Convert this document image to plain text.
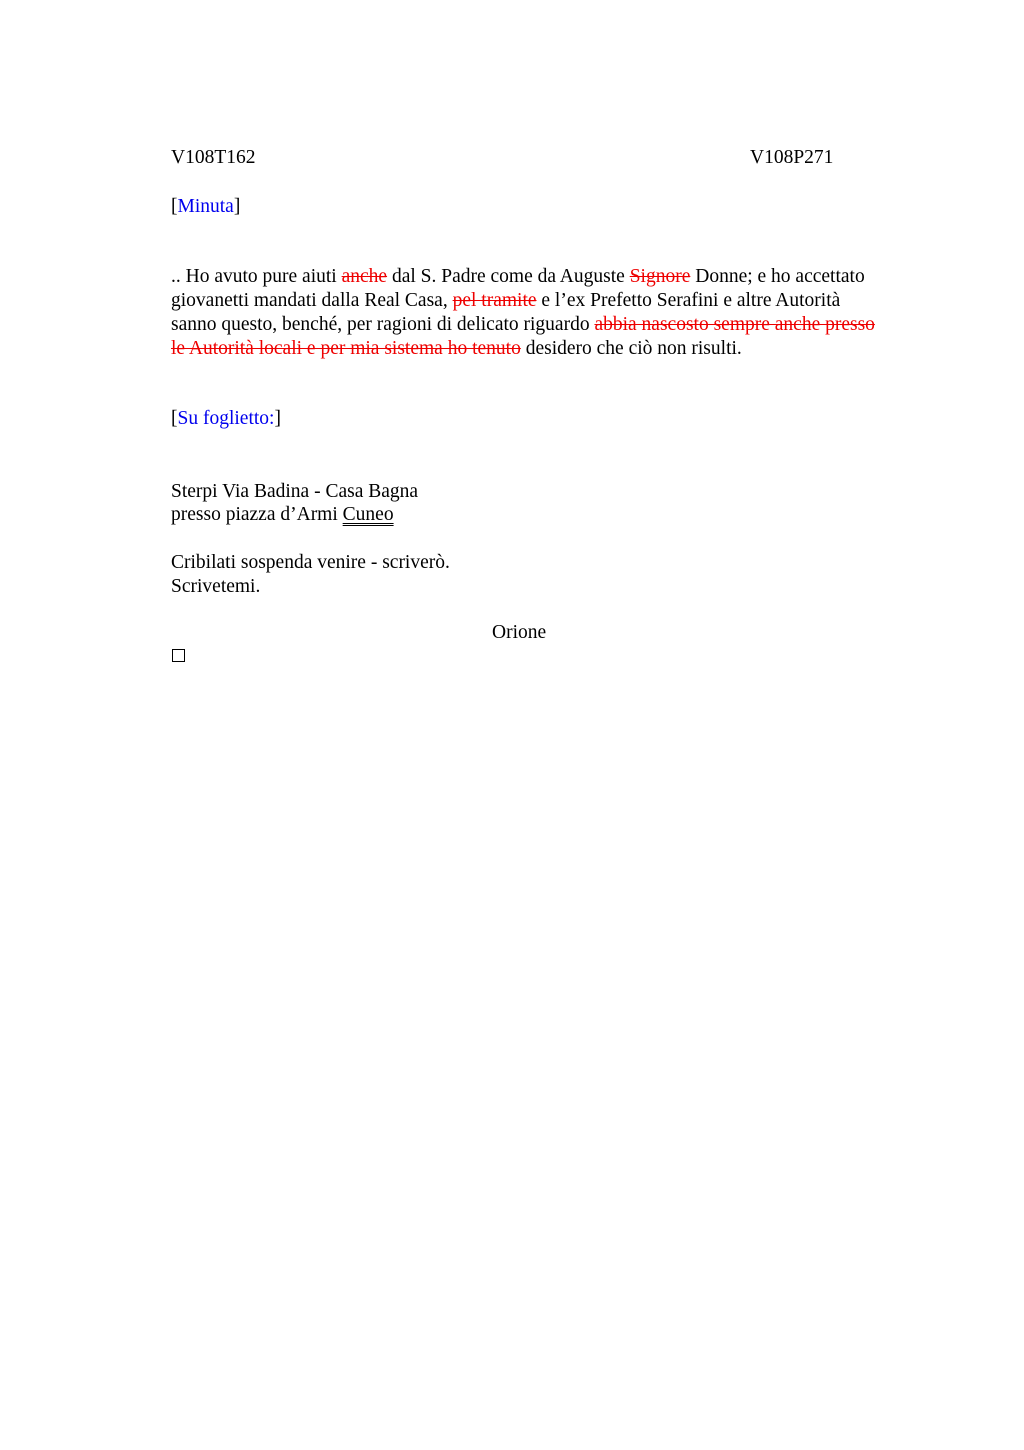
V108T162	V108P271
[Minuta]
.. Ho avuto pure aiuti anche dal S. Padre come da Auguste Signore Donne; e ho accettato
giovanetti mandati dalla Real Casa, pel tramite e l’ex Prefetto Serafini e altre Autorità
sanno questo, benché, per ragioni di delicato riguardo abbia nascosto sempre anche presso
le Autorità locali e per mia sistema ho tenuto desidero che ciò non risulti.
[Su foglietto:]
Sterpi Via Badina - Casa Bagna
presso piazza d’Armi Cuneo
Cribilati sospenda venire - scriverò.
Scrivetemi.
Orione
